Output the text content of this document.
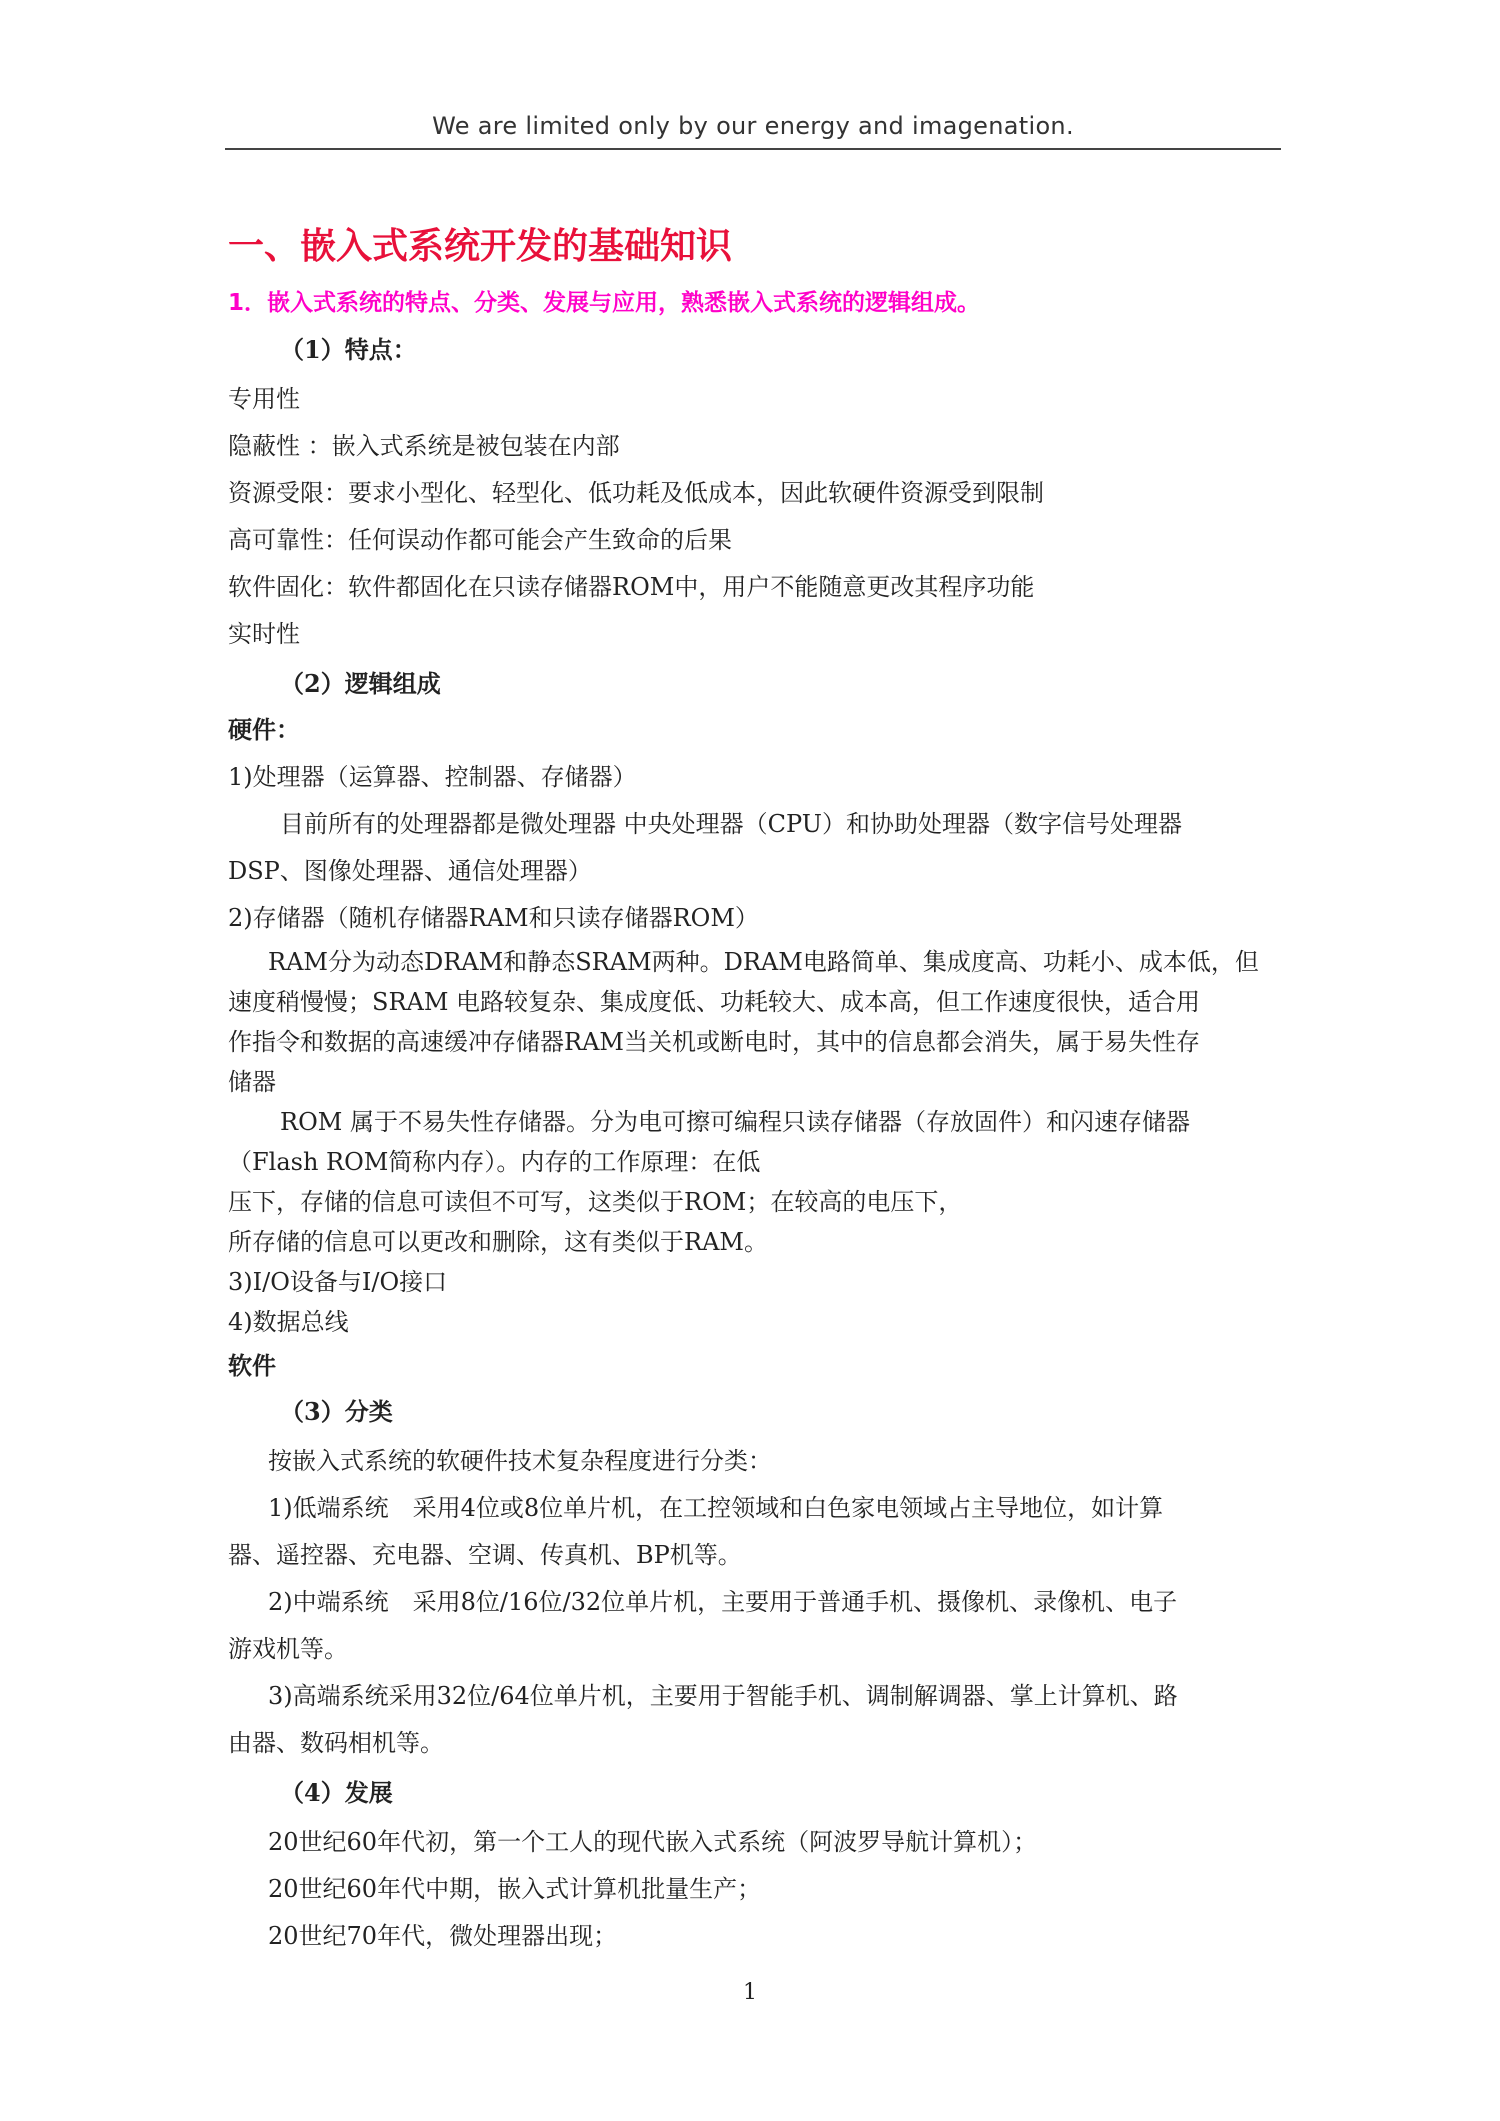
We are limited only by our energy and imagenation.
一、嵌入式系统开发的基础知识
1．嵌入式系统的特点、分类、发展与应用，熟悉嵌入式系统的逻辑组成。
（1）特点：

专用性

隐蔽性 ：嵌入式系统是被包装在内部

资源受限：要求小型化、轻型化、低功耗及低成本，因此软硬件资源受到限制

高可靠性：任何误动作都可能会产生致命的后果

软件固化：软件都固化在只读存储器ROM中，用户不能随意更改其程序功能

实时性

（2）逻辑组成
硬件：

1)处理器（运算器、控制器、存储器）

目前所有的处理器都是微处理器 中央处理器（CPU）和协助处理器（数字信号处理器

DSP、图像处理器、通信处理器）

2)存储器（随机存储器RAM和只读存储器ROM）

RAM分为动态DRAM和静态SRAM两种。DRAM电路简单、集成度高、功耗小、成本低，但

速度稍慢慢；SRAM 电路较复杂、集成度低、功耗较大、成本高，但工作速度很快，适合用

作指令和数据的高速缓冲存储器RAM当关机或断电时，其中的信息都会消失，属于易失性存

储器

ROM 属于不易失性存储器。分为电可擦可编程只读存储器（存放固件）和闪速存储器

（Flash ROM简称内存）。内存的工作原理：在低

压下，存储的信息可读但不可写，这类似于ROM；在较高的电压下，

所存储的信息可以更改和删除，这有类似于RAM。

3)I/O设备与I/O接口

4)数据总线

软件
（3）分类

按嵌入式系统的软硬件技术复杂程度进行分类：

1)低端系统　采用4位或8位单片机，在工控领域和白色家电领域占主导地位，如计算

器、遥控器、充电器、空调、传真机、BP机等。

2)中端系统　采用8位/16位/32位单片机，主要用于普通手机、摄像机、录像机、电子

游戏机等。

3)高端系统采用32位/64位单片机，主要用于智能手机、调制解调器、掌上计算机、路

由器、数码相机等。

（4）发展

20世纪60年代初，第一个工人的现代嵌入式系统（阿波罗导航计算机）；

20世纪60年代中期，嵌入式计算机批量生产；

20世纪70年代，微处理器出现；

1
